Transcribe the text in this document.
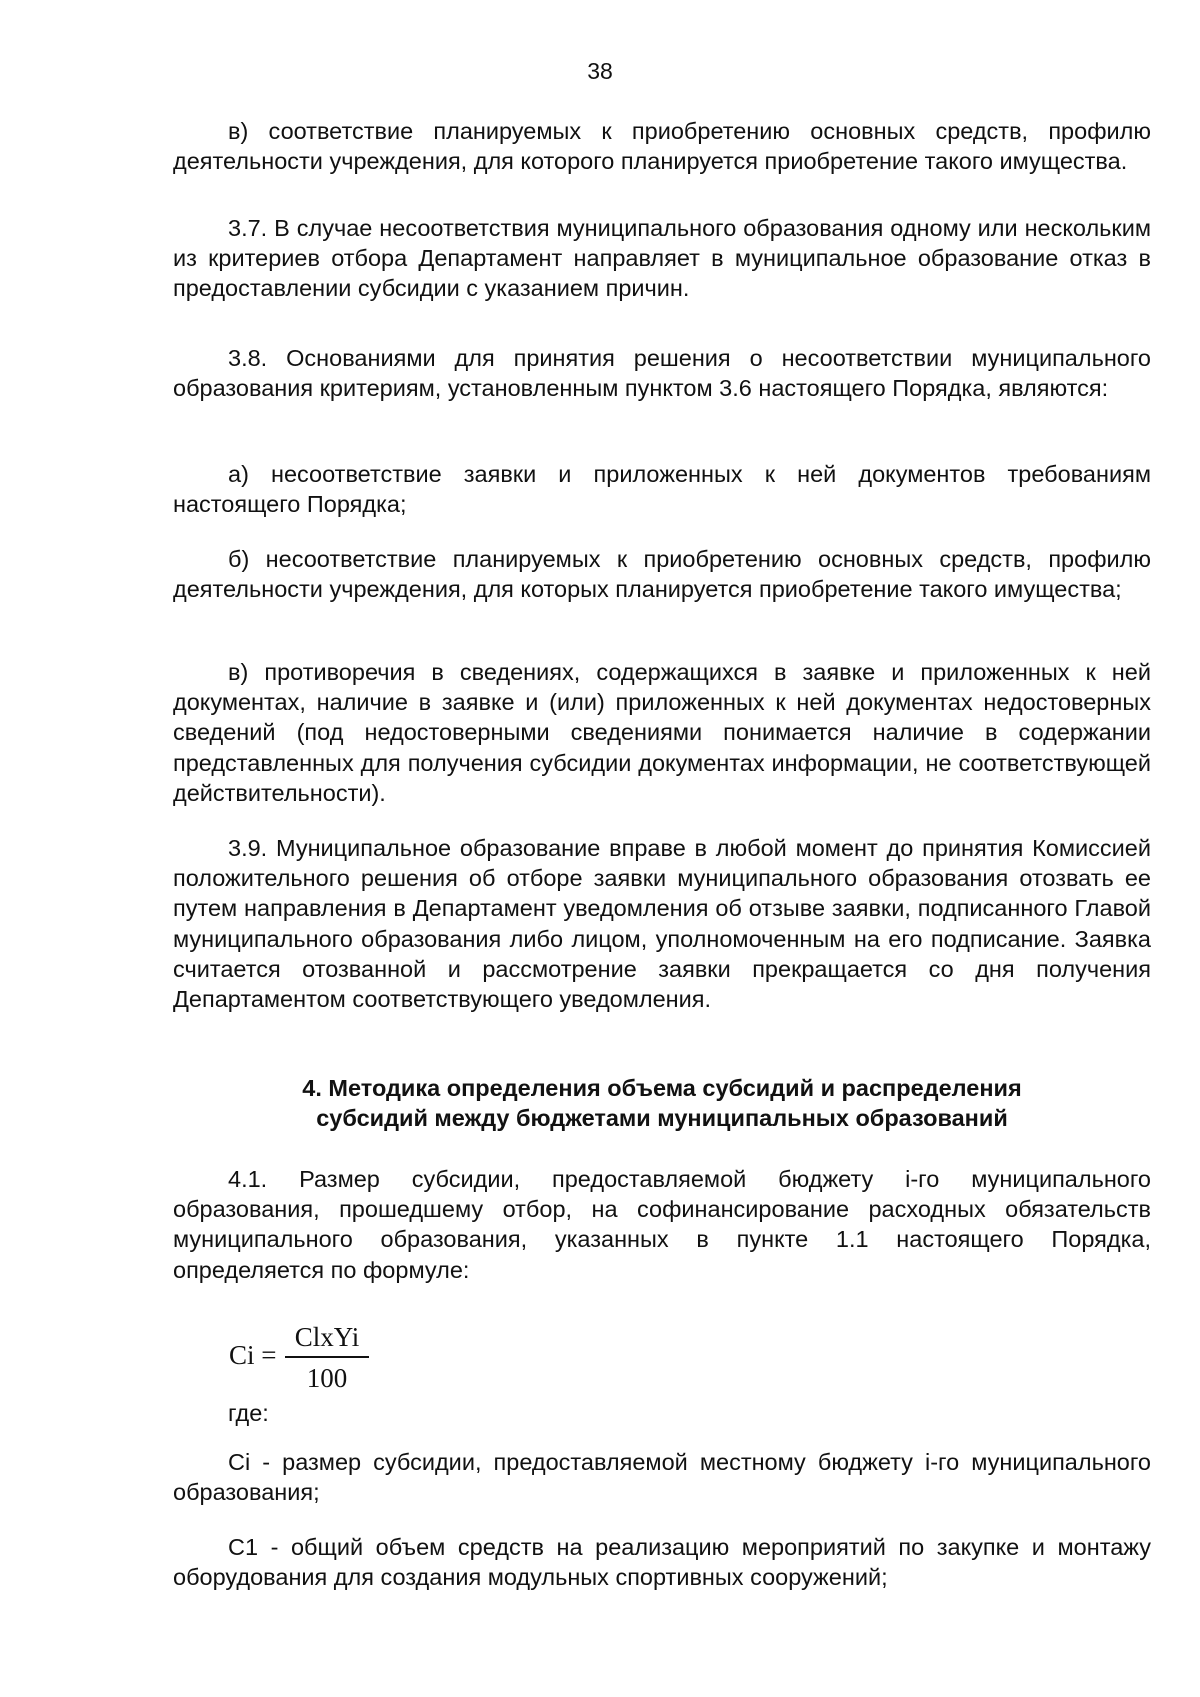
38

в) соответствие планируемых к приобретению основных средств, профилю деятельности учреждения, для которого планируется приобретение такого имущества.

3.7. В случае несоответствия муниципального образования одному или нескольким из критериев отбора Департамент направляет в муниципальное образование отказ в предоставлении субсидии с указанием причин.

3.8. Основаниями для принятия решения о несоответствии муниципального образования критериям, установленным пунктом 3.6 настоящего Порядка, являются:

а) несоответствие заявки и приложенных к ней документов требованиям настоящего Порядка;

б) несоответствие планируемых к приобретению основных средств, профилю деятельности учреждения, для которых планируется приобретение такого имущества;

в) противоречия в сведениях, содержащихся в заявке и приложенных к ней документах, наличие в заявке и (или) приложенных к ней документах недостоверных сведений (под недостоверными сведениями понимается наличие в содержании представленных для получения субсидии документах информации, не соответствующей действительности).

3.9. Муниципальное образование вправе в любой момент до принятия Комиссией положительного решения об отборе заявки муниципального образования отозвать ее путем направления в Департамент уведомления об отзыве заявки, подписанного Главой муниципального образования либо лицом, уполномоченным на его подписание. Заявка считается отозванной и рассмотрение заявки прекращается со дня получения Департаментом соответствующего уведомления.

4. Методика определения объема субсидий и распределения
субсидий между бюджетами муниципальных образований

4.1. Размер субсидии, предоставляемой бюджету i-го муниципального образования, прошедшему отбор, на софинансирование расходных обязательств муниципального образования, указанных в пункте 1.1 настоящего Порядка, определяется по формуле:

Ci =
ClxYi
100
где:

Ci - размер субсидии, предоставляемой местному бюджету i-го муниципального образования;

С1 - общий объем средств на реализацию мероприятий по закупке и монтажу оборудования для создания модульных спортивных сооружений;
